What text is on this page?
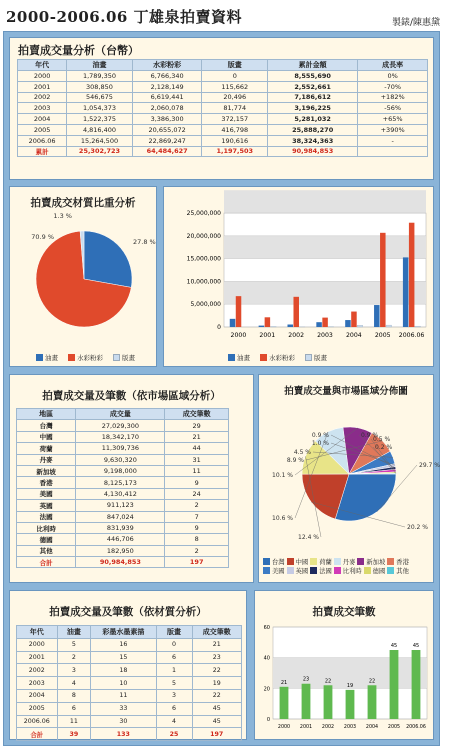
2000-2006.06 丁雄泉拍賣資料	製錶/陳惠黛
拍賣成交量分析（台幣）
年代	油畫	水彩粉彩	版畫	累計金額	成長率
2000	1,789,350	6,766,340	0	8,555,690	0%
2001	308,850	2,128,149	115,662	2,552,661	-70%
2002	546,675	6,619,441	20,496	7,186,612	+182%
2003	1,054,373	2,060,078	81,774	3,196,225	-56%
2004	1,522,375	3,386,300	372,157	5,281,032	+65%
2005	4,816,400	20,655,072	416,798	25,888,270	+390%
2006.06	15,264,500	22,869,247	190,616	38,324,363	-
累計	25,302,723	64,484,627	1,197,503	90,984,853	
拍賣成交材質比重分析
27.8 %
70.9 %
1.3 %
油畫	水彩粉彩	版畫
0
5,000,000
10,000,000
15,000,000
20,000,000
25,000,000
2000 2001 2002 2003 2004 2005 2006.06
油畫	水彩粉彩	版畫
拍賣成交量及筆數（依市場區域分析）
地區	成交量	成交筆數
台灣	27,029,300	29
中國	18,342,170	21
荷蘭	11,309,736	44
丹麥	9,630,320	31
新加坡	9,198,000	11
香港	8,125,173	9
美國	4,130,412	24
英國	911,123	2
法國	847,024	7
比利時	831,939	9
德國	446,706	8
其他	182,950	2
合計	90,984,853	197
拍賣成交量與市場區域分佈圖
29.7 %
20.2 %
12.4 %
10.6 %
10.1 %
8.9 %
4.5 %
1.0 %
0.9 %	0.9 %
0.5 %
0.2 %
台灣 中國 荷蘭 丹麥 新加坡 香港美國 英國 法國 比利時 德國 其他
拍賣成交量及筆數（依材質分析）
年代	油畫	彩墨水墨素描	版畫	成交筆數
2000	5	16	0	21
2001	2	15	6	23
2002	3	18	1	22
2003	4	10	5	19
2004	8	11	3	22
2005	6	33	6	45
2006.06	11	30	4	45
合計	39	133	25	197
拍賣成交筆數
0
20
40
60
21
2000
23
2001
22
2002
19
2003
22
2004
45
2005
45
2006.06
